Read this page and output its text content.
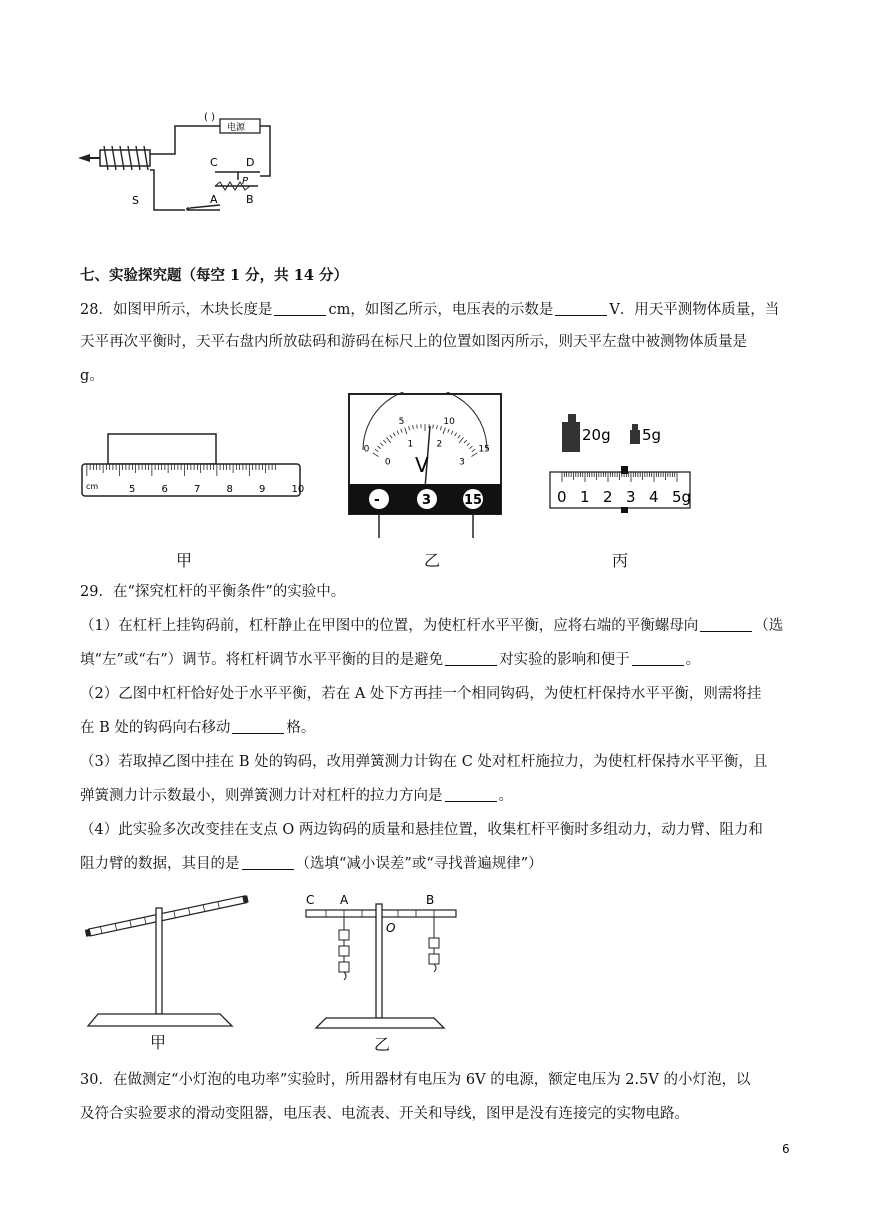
电源
( )
C	D
P
A	B
S
七、实验探究题（每空 1 分，共 14 分）
28．如图甲所示，木块长度是	cm，如图乙所示，电压表的示数是	V．用天平测物体质量，当
天平再次平衡时，天平右盘内所放砝码和游码在标尺上的位置如图丙所示，则天平左盘中被测物体质量是
g。
cm	5	6	7	8	9	10
0
5	10
15
0
1	2
3
V
-	3	15
20g 5g
0 1 2 3 4 5g
甲	乙	丙
29．在“探究杠杆的平衡条件”的实验中。
（1）在杠杆上挂钩码前，杠杆静止在甲图中的位置，为使杠杆水平平衡，应将右端的平衡螺母向	（选
填“左”或“右”）调节。将杠杆调节水平平衡的目的是避免	对实验的影响和便于	。
（2）乙图中杠杆恰好处于水平平衡，若在 A 处下方再挂一个相同钩码，为使杠杆保持水平平衡，则需将挂
在 B 处的钩码向右移动	格。
（3）若取掉乙图中挂在 B 处的钩码，改用弹簧测力计钩在 C 处对杠杆施拉力，为使杠杆保持水平平衡，且
弹簧测力计示数最小，则弹簧测力计对杠杆的拉力方向是	。
（4）此实验多次改变挂在支点 O 两边钩码的质量和悬挂位置，收集杠杆平衡时多组动力，动力臂、阻力和
阻力臂的数据，其目的是	（选填“减小误差”或“寻找普遍规律”）
C A	B
O
甲	乙
30．在做测定“小灯泡的电功率”实验时，所用器材有电压为 6V 的电源，额定电压为 2.5V 的小灯泡，以
及符合实验要求的滑动变阻器，电压表、电流表、开关和导线，图甲是没有连接完的实物电路。
6
